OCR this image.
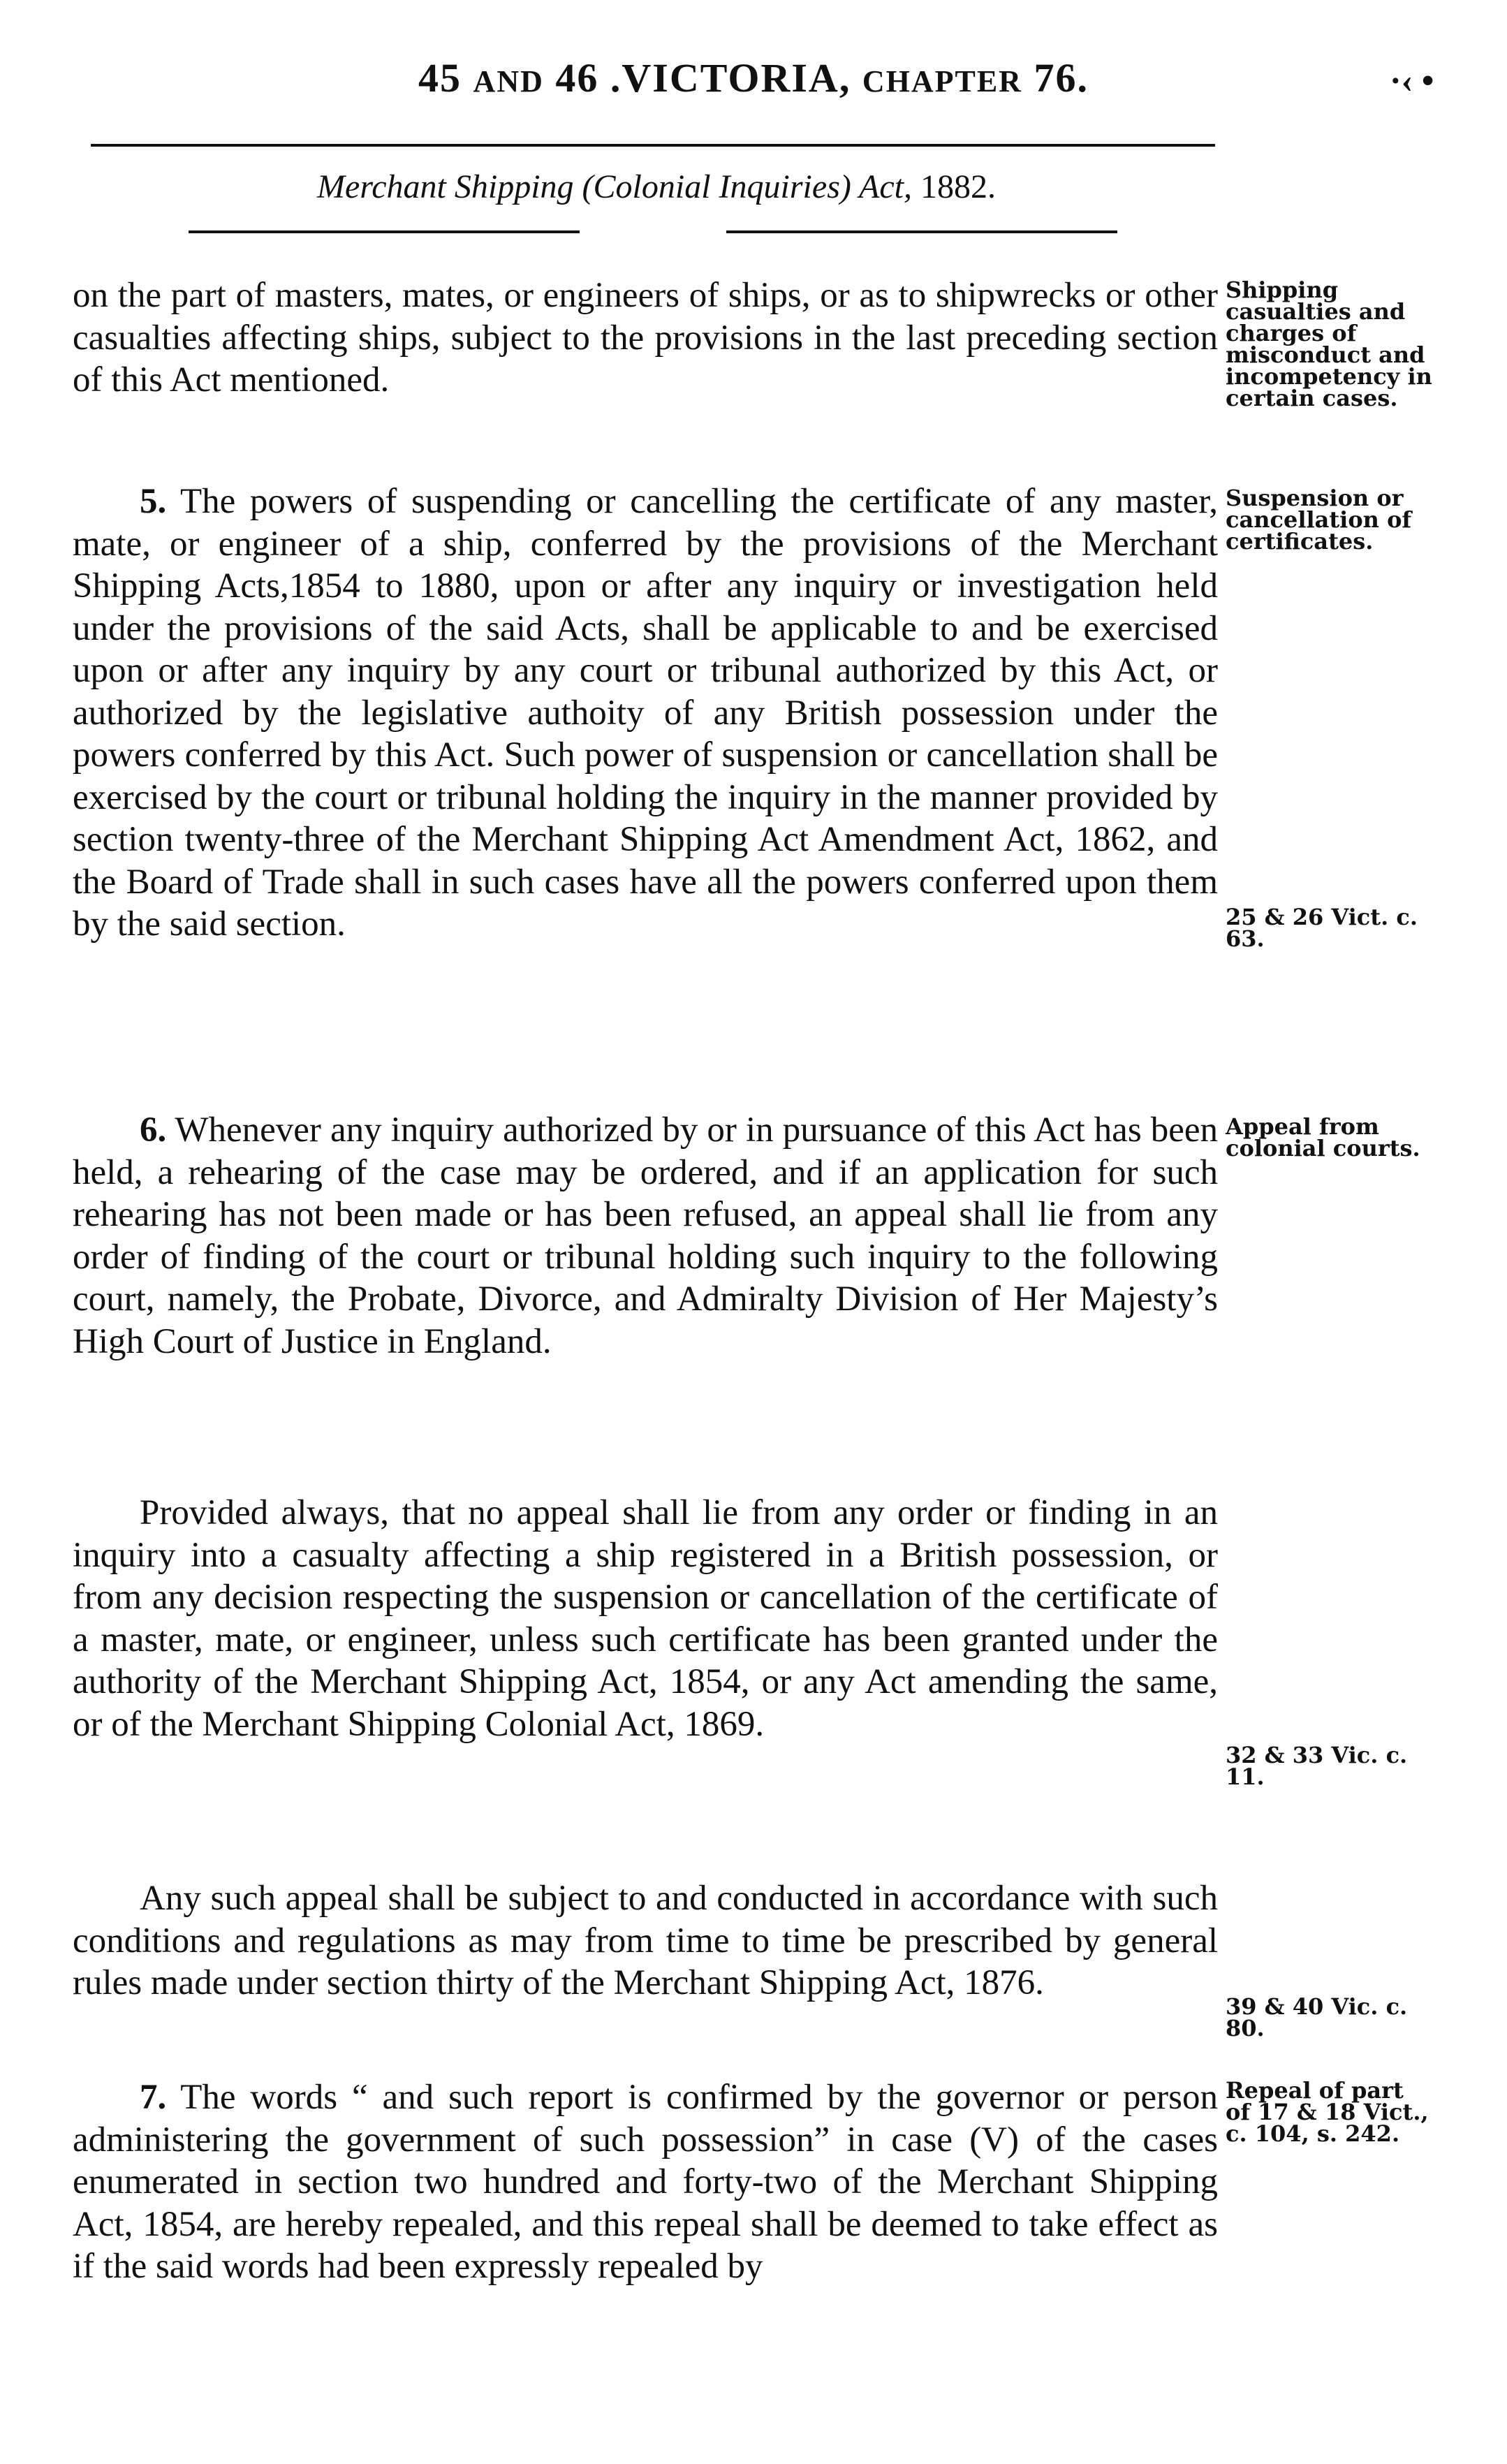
45 AND 46 .VICTORIA, CHAPTER 76.	·‹ •
Merchant Shipping (Colonial Inquiries) Act, 1882.
on the part of masters, mates, or engineers of ships, or as to shipwrecks or other casualties affecting ships, subject to the provisions in the last preceding section of this Act mentioned.
5. The powers of suspending or cancelling the certificate of any master, mate, or engineer of a ship, conferred by the provisions of the Merchant Shipping Acts,1854 to 1880, upon or after any inquiry or investigation held under the provisions of the said Acts, shall be applicable to and be exercised upon or after any inquiry by any court or tribunal authorized by this Act, or authorized by the legislative authoity of any British possession under the powers conferred by this Act. Such power of suspension or cancellation shall be exercised by the court or tribunal holding the inquiry in the manner provided by section twenty-three of the Merchant Shipping Act Amendment Act, 1862, and the Board of Trade shall in such cases have all the powers conferred upon them by the said section.
6. Whenever any inquiry authorized by or in pursuance of this Act has been held, a rehearing of the case may be ordered, and if an application for such rehearing has not been made or has been refused, an appeal shall lie from any order of finding of the court or tribunal holding such inquiry to the following court, namely, the Probate, Divorce, and Admiralty Division of Her Majesty’s High Court of Justice in England.
Provided always, that no appeal shall lie from any order or finding in an inquiry into a casualty affecting a ship registered in a British possession, or from any decision respecting the suspension or cancellation of the certificate of a master, mate, or engineer, unless such certificate has been granted under the authority of the Merchant Shipping Act, 1854, or any Act amending the same, or of the Merchant Shipping Colonial Act, 1869.
Any such appeal shall be subject to and conducted in accordance with such conditions and regulations as may from time to time be prescribed by general rules made under section thirty of the Merchant Shipping Act, 1876.
7. The words “ and such report is confirmed by the governor or person administering the government of such possession” in case (V) of the cases enumerated in section two hundred and forty-two of the Merchant Shipping Act, 1854, are hereby repealed, and this repeal shall be deemed to take effect as if the said words had been expressly repealed by
Shipping casualties and charges of misconduct and incompetency in certain cases.
Suspension or cancellation of certificates.
25 & 26 Vict. c. 63.
Appeal from colonial courts.
32 & 33 Vic. c. 11.
39 & 40 Vic. c. 80.
Repeal of part of 17 & 18 Vict., c. 104, s. 242.
